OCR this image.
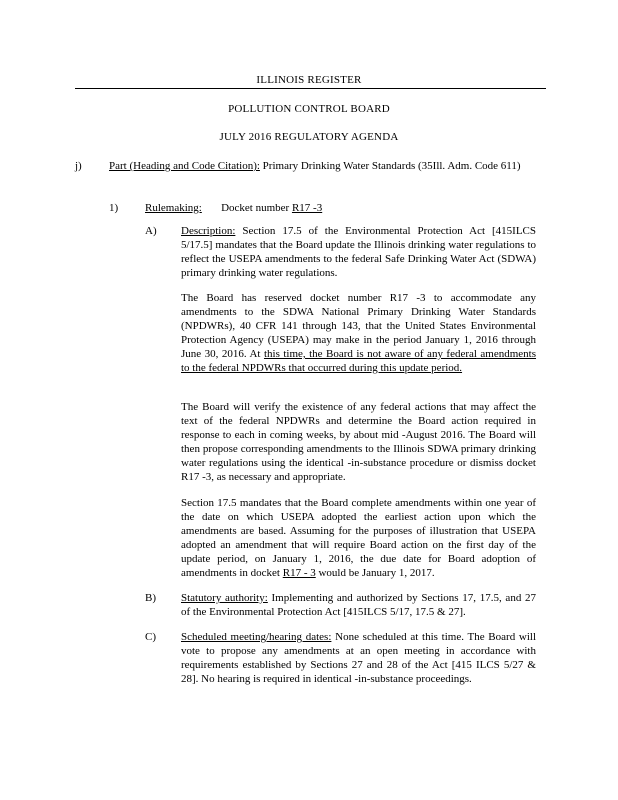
ILLINOIS REGISTER
POLLUTION CONTROL BOARD
JULY 2016 REGULATORY AGENDA
j) Part (Heading and Code Citation): Primary Drinking Water Standards (35Ill. Adm. Code 611)
1) Rulemaking: Docket number R17 -3
A) Description: Section 17.5 of the Environmental Protection Act [415ILCS 5/17.5] mandates that the Board update the Illinois drinking water regulations to reflect the USEPA amendments to the federal Safe Drinking Water Act (SDWA) primary drinking water regulations.
The Board has reserved docket number R17 -3 to accommodate any amendments to the SDWA National Primary Drinking Water Standards (NPDWRs), 40 CFR 141 through 143, that the United States Environmental Protection Agency (USEPA) may make in the period January 1, 2016 through June 30, 2016. At this time, the Board is not aware of any federal amendments to the federal NPDWRs that occurred during this update period.
The Board will verify the existence of any federal actions that may affect the text of the federal NPDWRs and determine the Board action required in response to each in coming weeks, by about mid -August 2016. The Board will then propose corresponding amendments to the Illinois SDWA primary drinking water regulations using the identical -in-substance procedure or dismiss docket R17 -3, as necessary and appropriate.
Section 17.5 mandates that the Board complete amendments within one year of the date on which USEPA adopted the earliest action upon which the amendments are based. Assuming for the purposes of illustration that USEPA adopted an amendment that will require Board action on the first day of the update period, on January 1, 2016, the due date for Board adoption of amendments in docket R17 - 3 would be January 1, 2017.
B) Statutory authority: Implementing and authorized by Sections 17, 17.5, and 27 of the Environmental Protection Act [415ILCS 5/17, 17.5 & 27].
C) Scheduled meeting/hearing dates: None scheduled at this time. The Board will vote to propose any amendments at an open meeting in accordance with requirements established by Sections 27 and 28 of the Act [415 ILCS 5/27 & 28]. No hearing is required in identical -in-substance proceedings.
